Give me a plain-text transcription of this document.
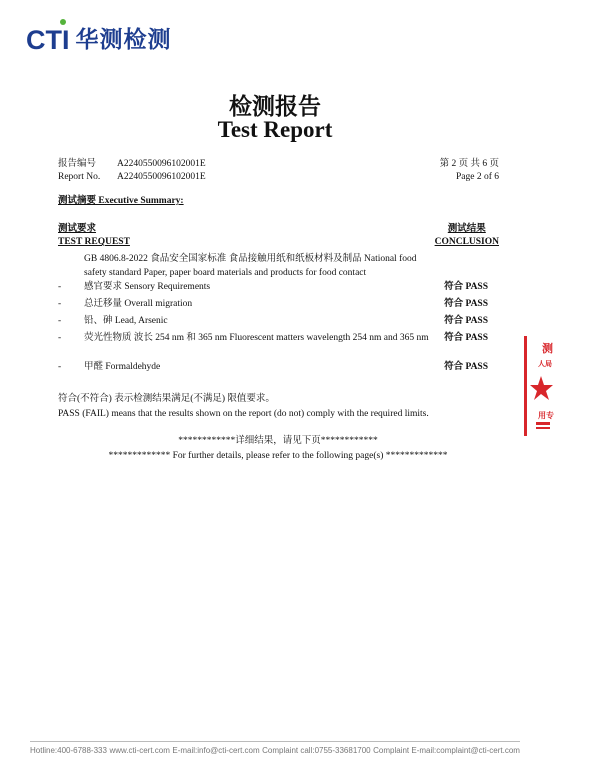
CTI 华测检测
检测报告
Test Report
报告编号 A2240550096102001E
Report No. A2240550096102001E
第 2 页 共 6 页
Page 2 of 6
测试摘要 Executive Summary:
测试要求
TEST REQUEST
测试结果
CONCLUSION
GB 4806.8-2022 食品安全国家标准 食品接触用纸和纸板材料及制品 National food safety standard Paper, paper board materials and products for food contact
- 感官要求 Sensory Requirements	符合 PASS
- 总迁移量 Overall migration	符合 PASS
- 铅、砷 Lead, Arsenic	符合 PASS
- 荧光性物质 波长 254 nm 和 365 nm Fluorescent matters wavelength 254 nm and 365 nm 符合 PASS
- 甲醛 Formaldehyde	符合 PASS
符合(不符合) 表示检测结果满足(不满足) 限值要求。
PASS (FAIL) means that the results shown on the report (do not) comply with the required limits.
************详细结果，请见下页************
************* For further details, please refer to the following page(s) *************
测
人局
用专
Hotline:400-6788-333 www.cti-cert.com E-mail:info@cti-cert.com Complaint call:0755-33681700 Complaint E-mail:complaint@cti-cert.com
